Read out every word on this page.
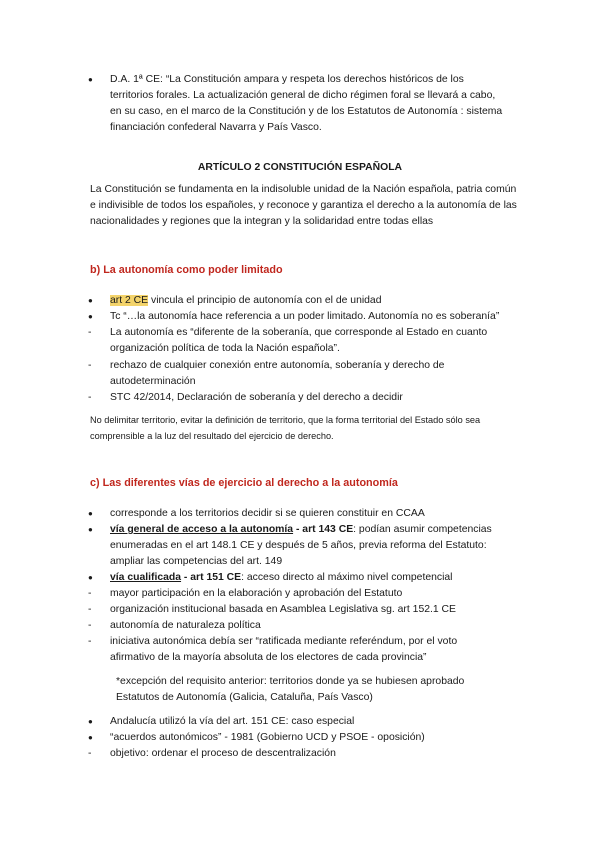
●
D.A. 1ª CE: “La Constitución ampara y respeta los derechos históricos de los
territorios forales. La actualización general de dicho régimen foral se llevará a cabo,
en su caso, en el marco de la Constitución y de los Estatutos de Autonomía : sistema
financiación confederal Navarra y País Vasco.
ARTÍCULO 2 CONSTITUCIÓN ESPAÑOLA
La Constitución se fundamenta en la indisoluble unidad de la Nación española, patria común
e indivisible de todos los españoles, y reconoce y garantiza el derecho a la autonomía de las
nacionalidades y regiones que la integran y la solidaridad entre todas ellas
b) La autonomía como poder limitado
●
art 2 CE vincula el principio de autonomía con el de unidad
●
Tc “…la autonomía hace referencia a un poder limitado. Autonomía no es soberanía”
-
La autonomía es “diferente de la soberanía, que corresponde al Estado en cuanto
organización política de toda la Nación española”.
-
rechazo de cualquier conexión entre autonomía, soberanía y derecho de
autodeterminación
-
STC 42/2014, Declaración de soberanía y del derecho a decidir
No delimitar territorio, evitar la definición de territorio, que la forma territorial del Estado sólo sea
comprensible a la luz del resultado del ejercicio de derecho.
c) Las diferentes vías de ejercicio al derecho a la autonomía
●
corresponde a los territorios decidir si se quieren constituir en CCAA
●
vía general de acceso a la autonomía - art 143 CE: podían asumir competencias
enumeradas en el art 148.1 CE y después de 5 años, previa reforma del Estatuto:
ampliar las competencias del art. 149
●
vía cualificada - art 151 CE: acceso directo al máximo nivel competencial
-
mayor participación en la elaboración y aprobación del Estatuto
-
organización institucional basada en Asamblea Legislativa sg. art 152.1 CE
-
autonomía de naturaleza política
-
iniciativa autonómica debía ser “ratificada mediante referéndum, por el voto
afirmativo de la mayoría absoluta de los electores de cada provincia”
*excepción del requisito anterior: territorios donde ya se hubiesen aprobado
Estatutos de Autonomía (Galicia, Cataluña, País Vasco)
●
Andalucía utilizó la vía del art. 151 CE: caso especial
●
“acuerdos autonómicos” - 1981 (Gobierno UCD y PSOE - oposición)
-
objetivo: ordenar el proceso de descentralización
